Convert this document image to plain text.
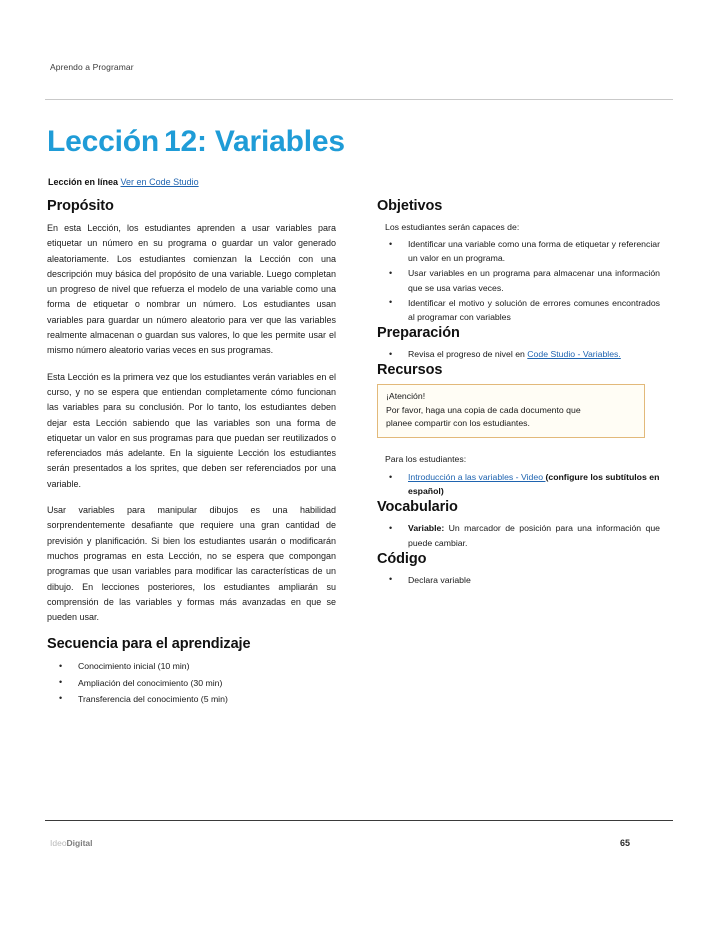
Aprendo a Programar
Lección 12: Variables
Lección en línea Ver en Code Studio
Propósito

En esta Lección, los estudiantes aprenden a usar variables para etiquetar un número en su programa o guardar un valor generado aleatoriamente. Los estudiantes comienzan la Lección con una descripción muy básica del propósito de una variable. Luego completan un progreso de nivel que refuerza el modelo de una variable como una forma de etiquetar o nombrar un número. Los estudiantes usan variables para guardar un número aleatorio para ver que las variables realmente almacenan o guardan sus valores, lo que les permite usar el mismo número aleatorio varias veces en sus programas.

Esta Lección es la primera vez que los estudiantes verán variables en el curso, y no se espera que entiendan completamente cómo funcionan las variables para su conclusión. Por lo tanto, los estudiantes deben dejar esta Lección sabiendo que las variables son una forma de etiquetar un valor en sus programas para que puedan ser reutilizados o referenciados más adelante. En la siguiente Lección los estudiantes serán presentados a los sprites, que deben ser referenciados por una variable.

Usar variables para manipular dibujos es una habilidad sorprendentemente desafiante que requiere una gran cantidad de previsión y planificación. Si bien los estudiantes usarán o modificarán muchos programas en esta Lección, no se espera que compongan programas que usan variables para modificar las características de un dibujo. En lecciones posteriores, los estudiantes ampliarán su comprensión de las variables y formas más avanzadas en que se pueden usar.

Secuencia para el aprendizaje
• Conocimiento inicial (10 min)
• Ampliación del conocimiento (30 min)
• Transferencia del conocimiento (5 min)
Objetivos
Los estudiantes serán capaces de:
• Identificar una variable como una forma de etiquetar y referenciar un valor en un programa.
• Usar variables en un programa para almacenar una información que se usa varias veces.
• Identificar el motivo y solución de errores comunes encontrados al programar con variables
Preparación
• Revisa el progreso de nivel en Code Studio - Variables.
Recursos
¡Atención!
Por favor, haga una copia de cada documento que
planee compartir con los estudiantes.
Para los estudiantes:
• Introducción a las variables - Video (configure los subtítulos en español)
Vocabulario
• Variable: Un marcador de posición para una información que puede cambiar.
Código
• Declara variable
IdeoDigital	65
